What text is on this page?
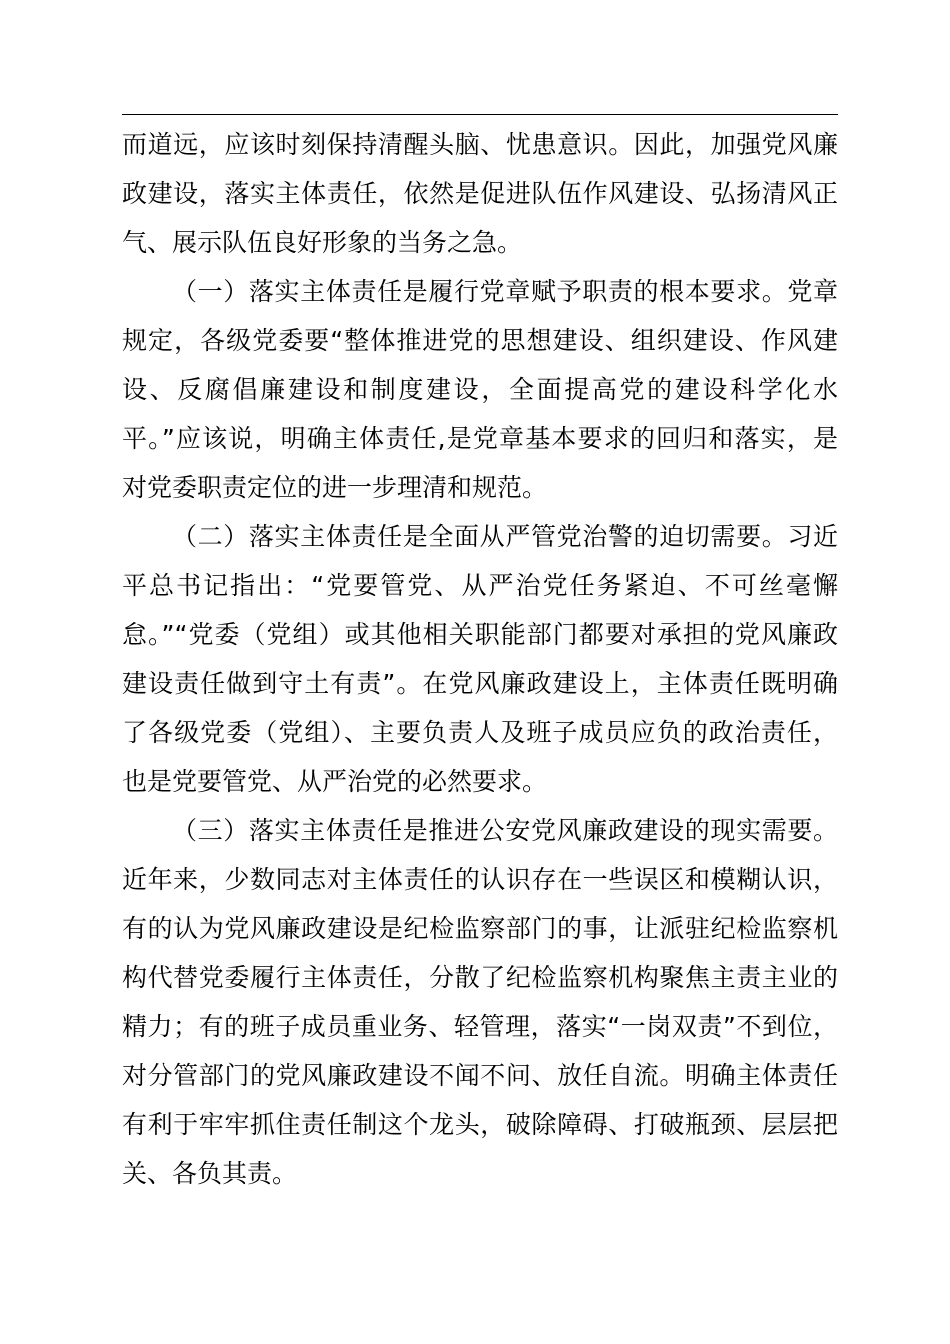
而道远，应该时刻保持清醒头脑、忧患意识。因此，加强党风廉
政建设，落实主体责任，依然是促进队伍作风建设、弘扬清风正
气、展示队伍良好形象的当务之急。
（一）落实主体责任是履行党章赋予职责的根本要求。党章
规定，各级党委要“整体推进党的思想建设、组织建设、作风建
设、反腐倡廉建设和制度建设，全面提高党的建设科学化水
平。”应该说，明确主体责任,是党章基本要求的回归和落实，是
对党委职责定位的进一步理清和规范。
（二）落实主体责任是全面从严管党治警的迫切需要。习近
平总书记指出：“党要管党、从严治党任务紧迫、不可丝毫懈
怠。”“党委（党组）或其他相关职能部门都要对承担的党风廉政
建设责任做到守土有责”。在党风廉政建设上，主体责任既明确
了各级党委（党组）、主要负责人及班子成员应负的政治责任，
也是党要管党、从严治党的必然要求。
（三）落实主体责任是推进公安党风廉政建设的现实需要。
近年来，少数同志对主体责任的认识存在一些误区和模糊认识，
有的认为党风廉政建设是纪检监察部门的事，让派驻纪检监察机
构代替党委履行主体责任，分散了纪检监察机构聚焦主责主业的
精力；有的班子成员重业务、轻管理，落实“一岗双责”不到位，
对分管部门的党风廉政建设不闻不问、放任自流。明确主体责任
有利于牢牢抓住责任制这个龙头，破除障碍、打破瓶颈、层层把
关、各负其责。
